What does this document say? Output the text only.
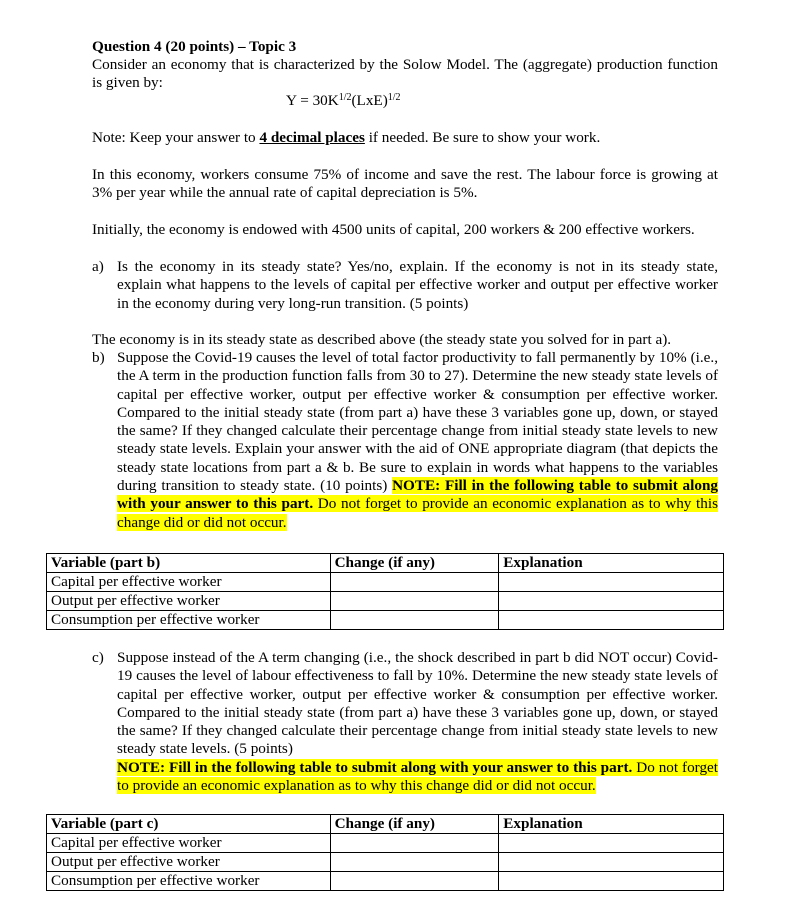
Question 4 (20 points) – Topic 3
Consider an economy that is characterized by the Solow Model. The (aggregate) production function is given by:
$Y = 30K^{1/2}(LxE)^{1/2}$
Note: Keep your answer to 4 decimal places if needed. Be sure to show your work.
In this economy, workers consume 75% of income and save the rest. The labour force is growing at 3% per year while the annual rate of capital depreciation is 5%.
Initially, the economy is endowed with 4500 units of capital, 200 workers & 200 effective workers.
a) Is the economy in its steady state? Yes/no, explain. If the economy is not in its steady state, explain what happens to the levels of capital per effective worker and output per effective worker in the economy during very long-run transition. (5 points)
The economy is in its steady state as described above (the steady state you solved for in part a).
b) Suppose the Covid-19 causes the level of total factor productivity to fall permanently by 10% (i.e., the A term in the production function falls from 30 to 27). Determine the new steady state levels of capital per effective worker, output per effective worker & consumption per effective worker. Compared to the initial steady state (from part a) have these 3 variables gone up, down, or stayed the same? If they changed calculate their percentage change from initial steady state levels to new steady state levels. Explain your answer with the aid of ONE appropriate diagram (that depicts the steady state locations from part a & b. Be sure to explain in words what happens to the variables during transition to steady state. (10 points) NOTE: Fill in the following table to submit along with your answer to this part. Do not forget to provide an economic explanation as to why this change did or did not occur.
Variable (part b)	Change (if any)	Explanation
Capital per effective worker		
Output per effective worker		
Consumption per effective worker		
c) Suppose instead of the A term changing (i.e., the shock described in part b did NOT occur) Covid-19 causes the level of labour effectiveness to fall by 10%. Determine the new steady state levels of capital per effective worker, output per effective worker & consumption per effective worker. Compared to the initial steady state (from part a) have these 3 variables gone up, down, or stayed the same? If they changed calculate their percentage change from initial steady state levels to new steady state levels. (5 points)
NOTE: Fill in the following table to submit along with your answer to this part. Do not forget to provide an economic explanation as to why this change did or did not occur.
Variable (part c)	Change (if any)	Explanation
Capital per effective worker		
Output per effective worker		
Consumption per effective worker		
